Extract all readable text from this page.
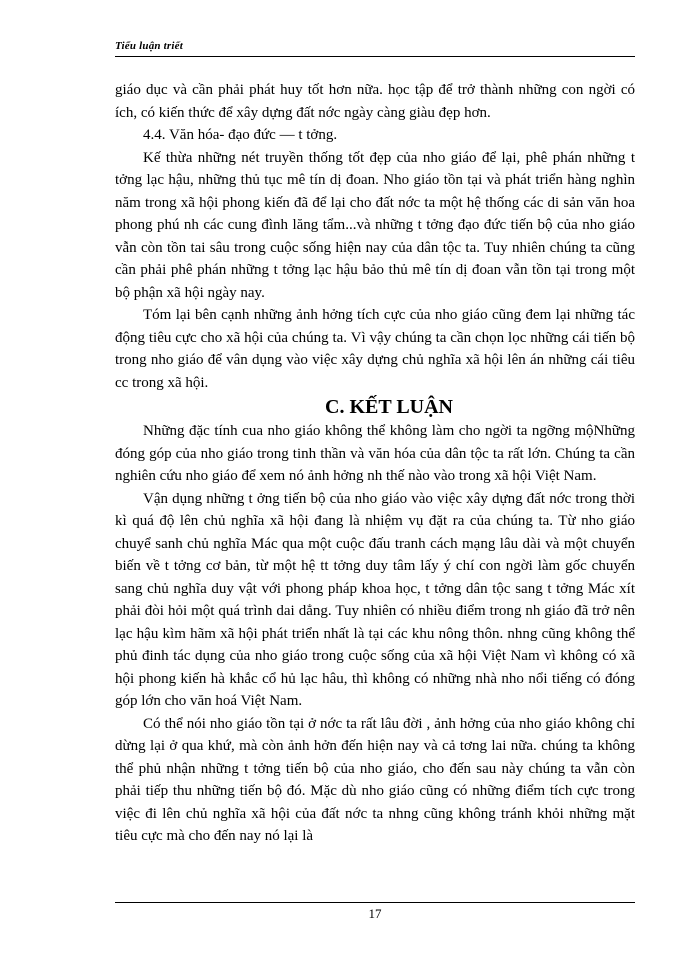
Tiểu luận triết

giáo dục và cần phải phát huy tốt hơn nữa. học tập để trở thành những con ngời có ích, có kiến thức để xây dựng đất nớc ngày càng giàu đẹp hơn.

4.4. Văn hóa- đạo đức — t tởng.

Kế thừa những nét truyền thống tốt đẹp của nho giáo để lại, phê phán những t tởng lạc hậu, những thủ tục mê tín dị đoan. Nho giáo tồn tại và phát triển hàng nghìn năm trong xã hội phong kiến đã để lại cho đất nớc ta một hệ thống các di sản văn hoa phong phú nh các cung đình lăng tẩm...và những t tởng đạo đức tiến bộ của nho giáo vẫn còn tồn tai sâu trong cuộc sống hiện nay của dân tộc ta. Tuy nhiên chúng ta cũng cần phải phê phán những t tởng lạc hậu bảo thủ mê tín dị đoan vẫn tồn tại trong một bộ phận xã hội ngày nay.

Tóm lại bên cạnh những ảnh hởng tích cực của nho giáo cũng đem lại những tác động tiêu cực cho xã hội của chúng ta. Vì vậy chúng ta cần chọn lọc những cái tiến bộ trong nho giáo để vân dụng vào việc xây dựng chủ nghĩa xã hội lên án những cái tiêu cc trong xã hội.

C. KẾT LUẬN

Những đặc tính cua nho giáo không thể không làm cho ngời ta ngỡng mộNhững đóng góp của nho giáo trong tinh thần và văn hóa của dân tộc ta rất lớn. Chúng ta cần nghiên cứu nho giáo để xem nó ảnh hởng nh thế nào vào trong xã hội Việt Nam.

Vận dụng những t ởng tiến bộ của nho giáo vào việc xây dựng đất nớc trong thời kì quá độ lên chủ nghĩa xã hội đang là nhiệm vụ đặt ra của chúng ta. Từ nho giáo chuyể sanh chủ nghĩa Mác qua một cuộc đấu tranh cách mạng lâu dài và một chuyển biến về t tởng cơ bản, từ một hệ tt tởng duy tâm lấy ý chí con ngời làm gốc chuyển sang chủ nghĩa duy vật với phong pháp khoa học, t tởng dân tộc sang t tởng Mác xít phải đòi hỏi một quá trình dai dẳng. Tuy nhiên có nhiều điểm trong nh giáo đã trở nên lạc hậu kìm hãm xã hội phát triển nhất là tại các khu nông thôn. nhng cũng không thể phủ đinh tác dụng của nho giáo trong cuộc sống của xã hội Việt Nam vì không có xã hội phong kiến hà khắc cổ hủ lạc hâu, thì không có những nhà nho nổi tiếng có đóng góp lớn cho văn hoá Việt Nam.

Có thể nói nho giáo tồn tại ở nớc ta rất lâu đời , ảnh hởng của nho giáo không chỉ dừng lại ở qua khứ, mà còn ảnh hởn đến hiện nay và cả tơng lai nữa. chúng ta không thể phủ nhận những t tởng tiến bộ của nho giáo, cho đến sau này chúng ta vẫn còn phải tiếp thu những tiến bộ đó. Mặc dù nho giáo cũng có những điểm tích cực trong việc đi lên chủ nghĩa xã hội của đất nớc ta nhng cũng không tránh khỏi những mặt tiêu cực mà cho đến nay nó lại là

17
